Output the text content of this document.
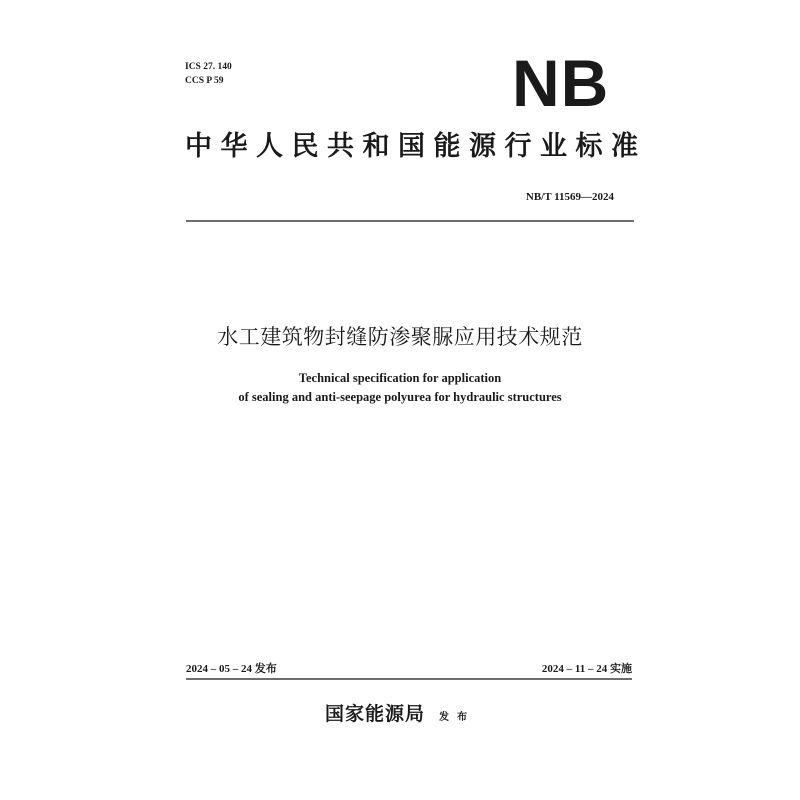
ICS 27. 140
CCS P 59	NB
中华人民共和国能源行业标准
NB/T 11569—2024
水工建筑物封缝防渗聚脲应用技术规范
Technical specification for application
of sealing and anti-seepage polyurea for hydraulic structures
2024 – 05 – 24 发布	2024 – 11 – 24 实施
国家能源局 发布
